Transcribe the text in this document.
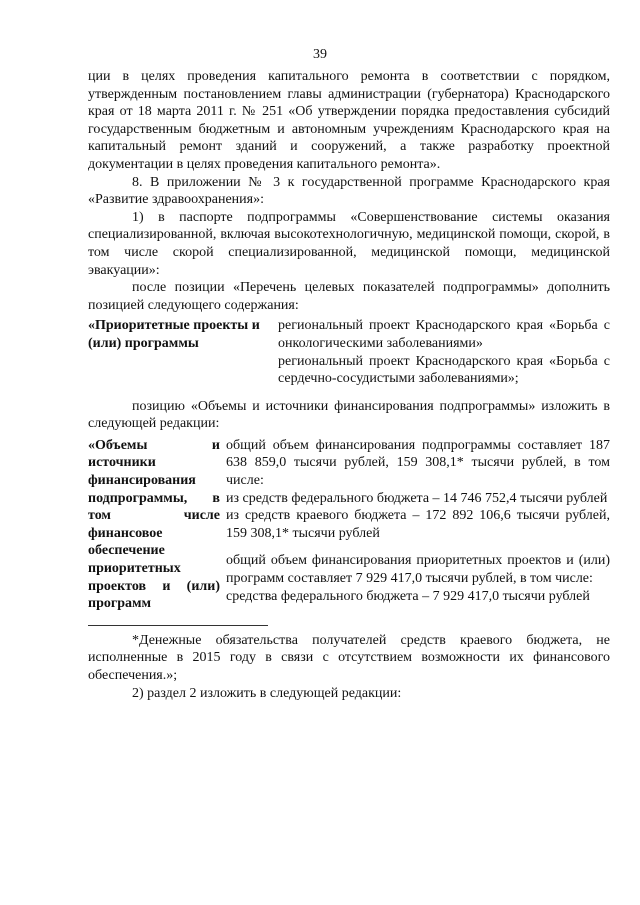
39

ции в целях проведения капитального ремонта в соответствии с порядком, утвержденным постановлением главы администрации (губернатора) Краснодарского края от 18 марта 2011 г. № 251 «Об утверждении порядка предоставления субсидий государственным бюджетным и автономным учреждениям Краснодарского края на капитальный ремонт зданий и сооружений, а также разработку проектной документации в целях проведения капитального ремонта».

8. В приложении № 3 к государственной программе Краснодарского края «Развитие здравоохранения»:

1) в паспорте подпрограммы «Совершенствование системы оказания специализированной, включая высокотехнологичную, медицинской помощи, скорой, в том числе скорой специализированной, медицинской помощи, медицинской эвакуации»:

после позиции «Перечень целевых показателей подпрограммы» дополнить позицией следующего содержания:

«Приоритетные проекты и (или) программы

региональный проект Краснодарского края «Борьба с онкологическими заболеваниями»

региональный проект Краснодарского края «Борьба с сердечно-сосудистыми заболеваниями»;

позицию «Объемы и источники финансирования подпрограммы» изложить в следующей редакции:

«Объемы и источники финансирования подпрограммы, в том числе финансовое обеспечение приоритетных проектов и (или) программ

общий объем финансирования подпрограммы составляет 187 638 859,0 тысячи рублей, 159 308,1* тысячи рублей, в том числе:

из средств федерального бюджета – 14 746 752,4 тысячи рублей

из средств краевого бюджета – 172 892 106,6 тысячи рублей, 159 308,1* тысячи рублей

общий объем финансирования приоритетных проектов и (или) программ составляет 7 929 417,0 тысячи рублей, в том числе:

средства федерального бюджета – 7 929 417,0 тысячи рублей

*Денежные обязательства получателей средств краевого бюджета, не исполненные в 2015 году в связи с отсутствием возможности их финансового обеспечения.»;

2) раздел 2 изложить в следующей редакции:
